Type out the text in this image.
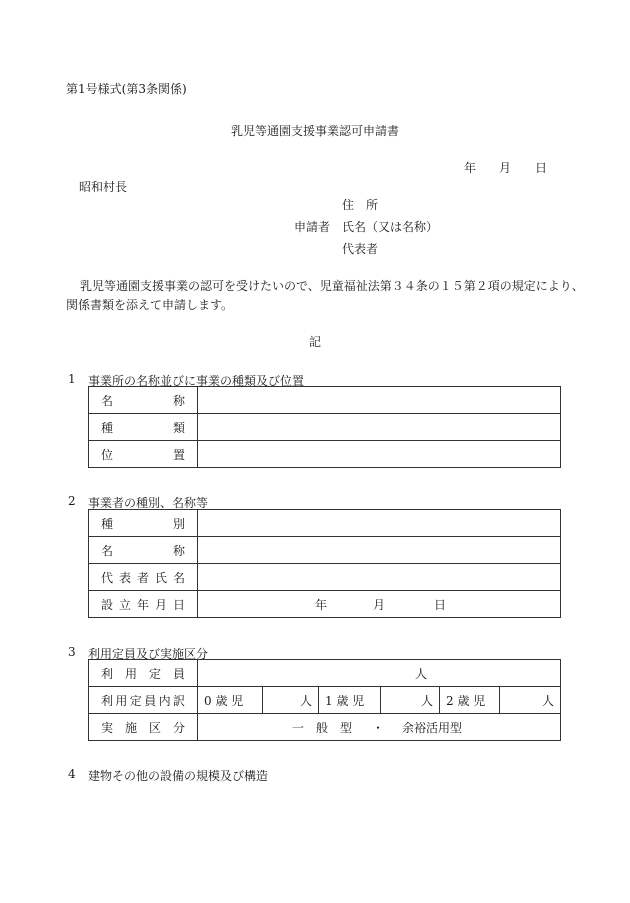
第1号様式(第3条関係)
乳児等通園支援事業認可申請書
年 月 日
昭和村長
住　所
申請者 氏名（又は名称）
代表者
乳児等通園支援事業の認可を受けたいので、児童福祉法第３４条の１５第２項の規定により、
関係書類を添えて申請します。
記
1 事業所の名称並びに事業の種類及び位置
名称	
種類	
位置	
2 事業者の種別、名称等
種別	
名称	
代表者氏名	
設立年月日	年 月 日
3 利用定員及び実施区分
利用定員	人					

利用定員内訳	0 歳 児	人	1 歳 児	人	2 歳 児	人
実施区分	一　般　型 ・ 余裕活用型					
4 建物その他の設備の規模及び構造
